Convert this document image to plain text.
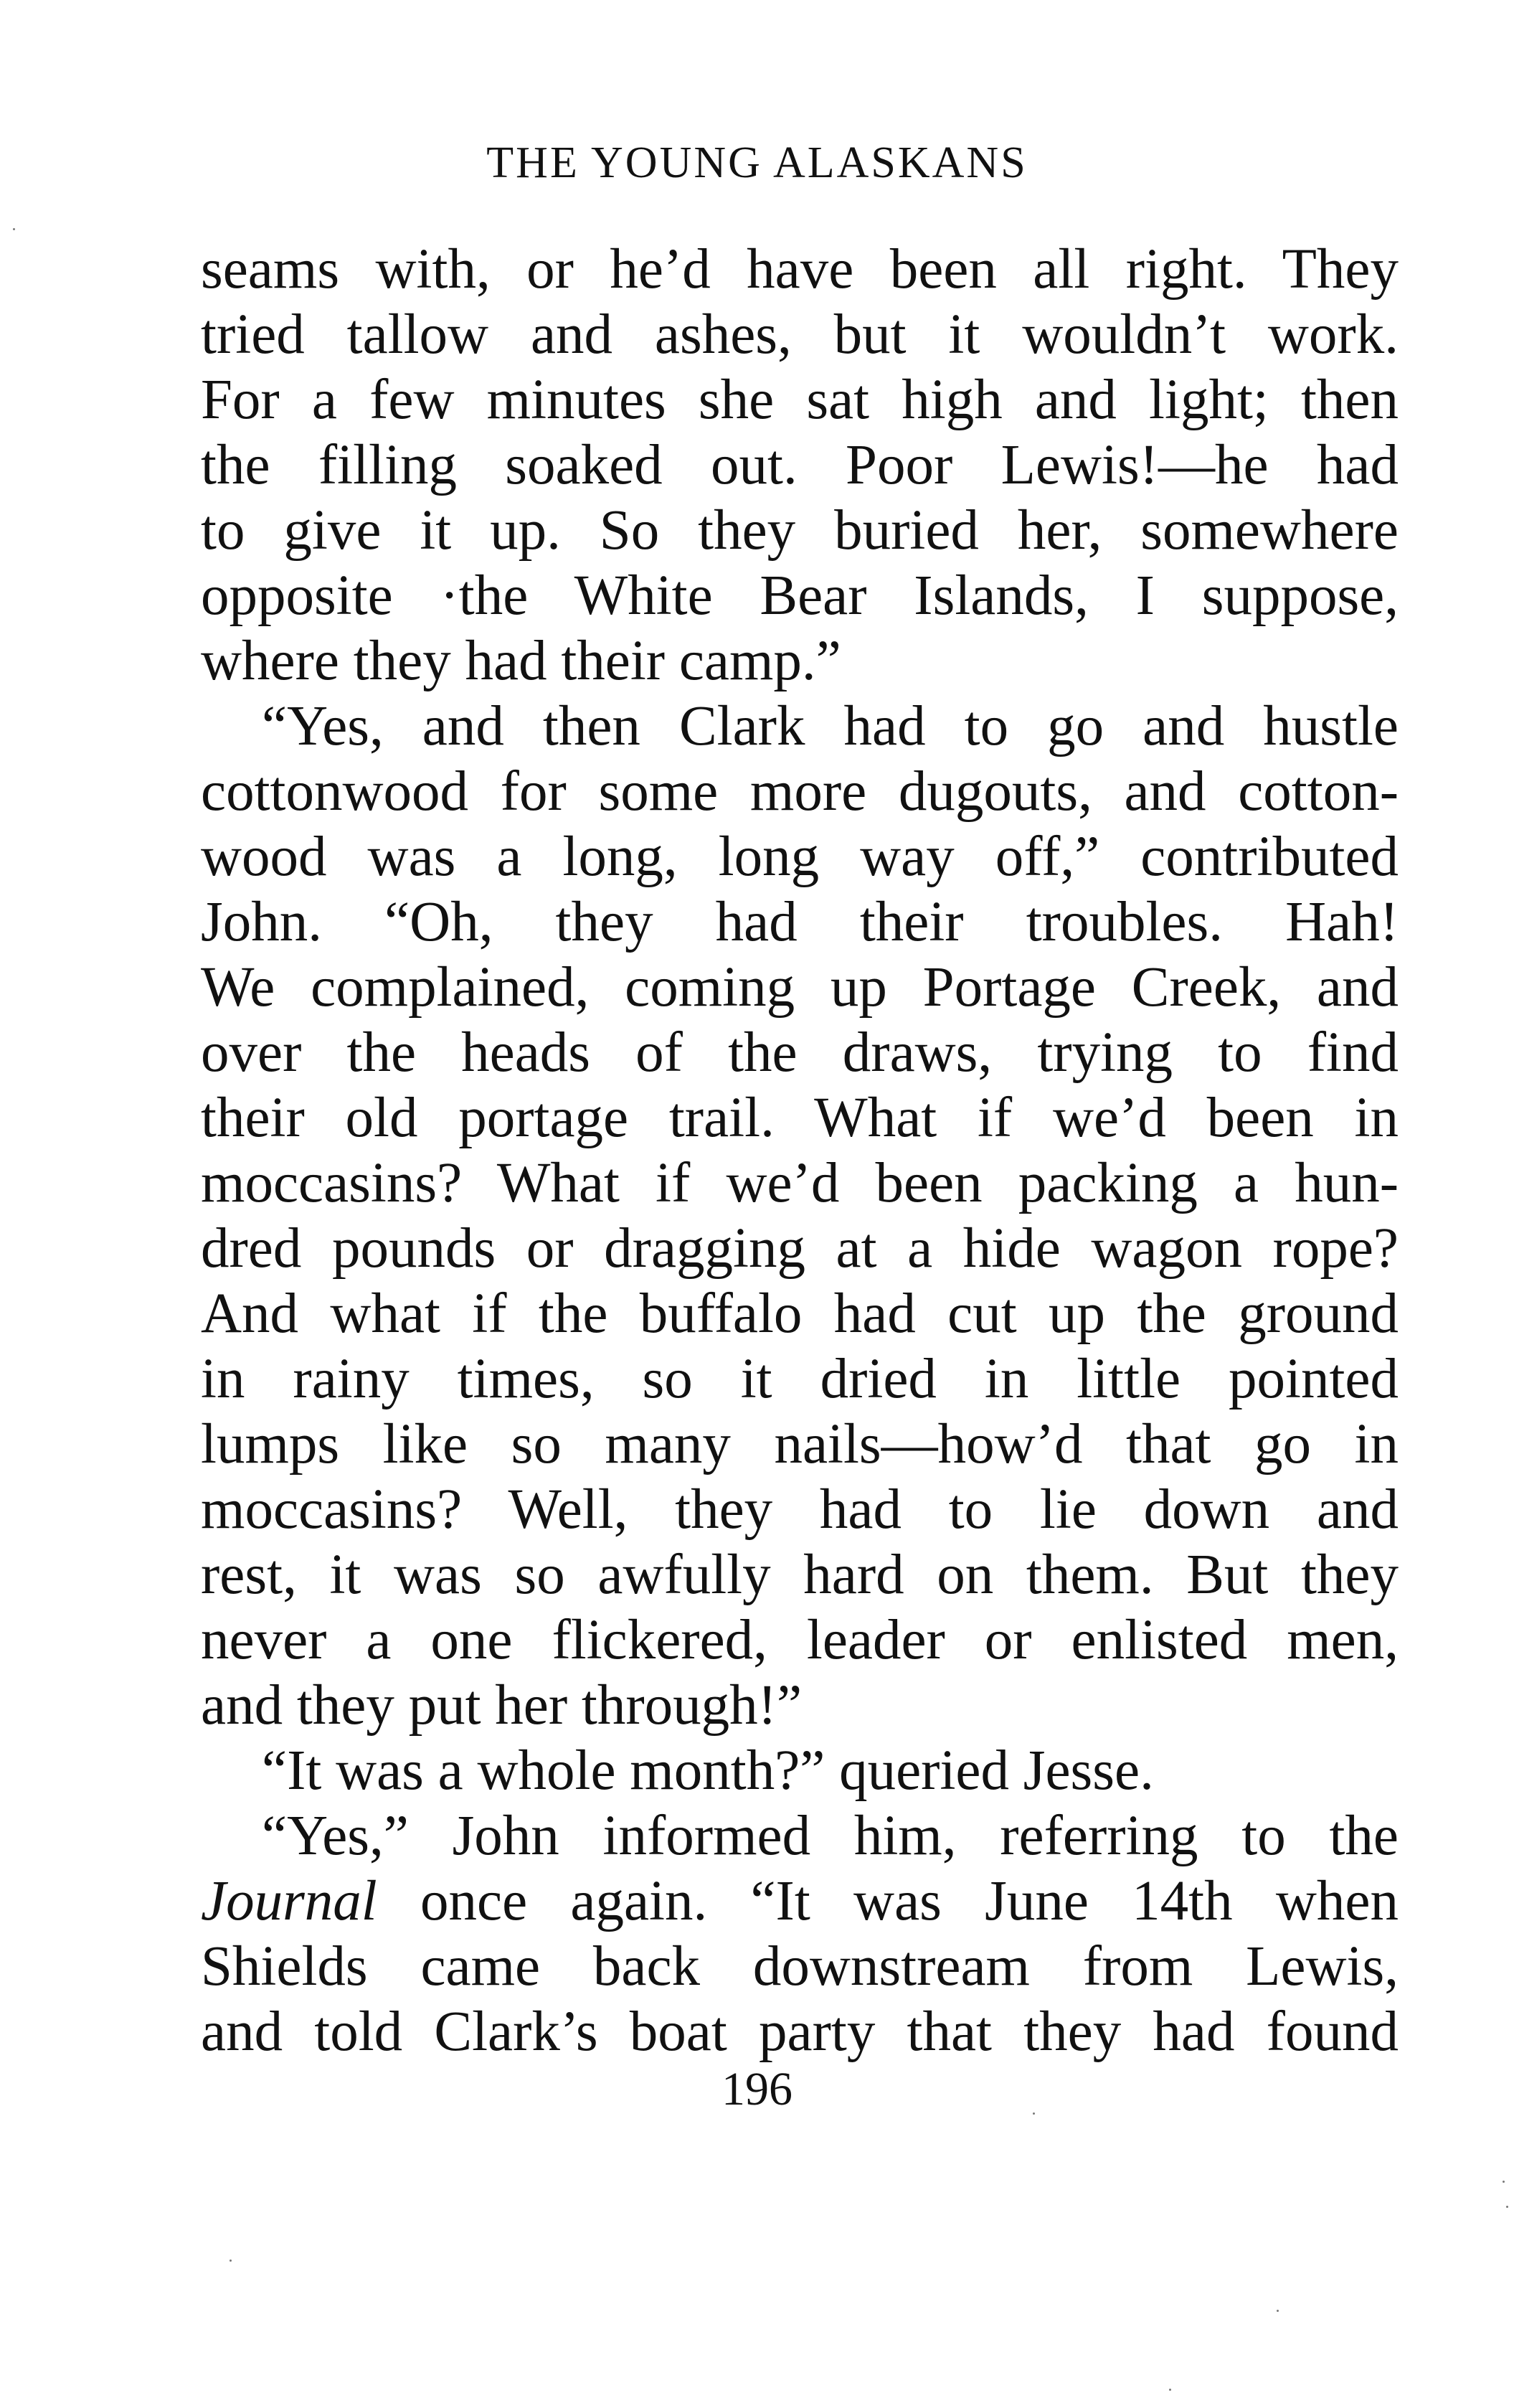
THE YOUNG ALASKANS
seams with, or he’d have been all right. They
tried tallow and ashes, but it wouldn’t work.
For a few minutes she sat high and light; then
the filling soaked out. Poor Lewis!—he had
to give it up. So they buried her, somewhere
opposite ·the White Bear Islands, I suppose,
where they had their camp.”
“Yes, and then Clark had to go and hustle
cottonwood for some more dugouts, and cotton-
wood was a long, long way off,” contributed
John. “Oh, they had their troubles. Hah!
We complained, coming up Portage Creek, and
over the heads of the draws, trying to find
their old portage trail. What if we’d been in
moccasins? What if we’d been packing a hun-
dred pounds or dragging at a hide wagon rope?
And what if the buffalo had cut up the ground
in rainy times, so it dried in little pointed
lumps like so many nails—how’d that go in
moccasins? Well, they had to lie down and
rest, it was so awfully hard on them. But they
never a one flickered, leader or enlisted men,
and they put her through!”
“It was a whole month?” queried Jesse.
“Yes,” John informed him, referring to the
Journal once again. “It was June 14th when
Shields came back downstream from Lewis,
and told Clark’s boat party that they had found
196
